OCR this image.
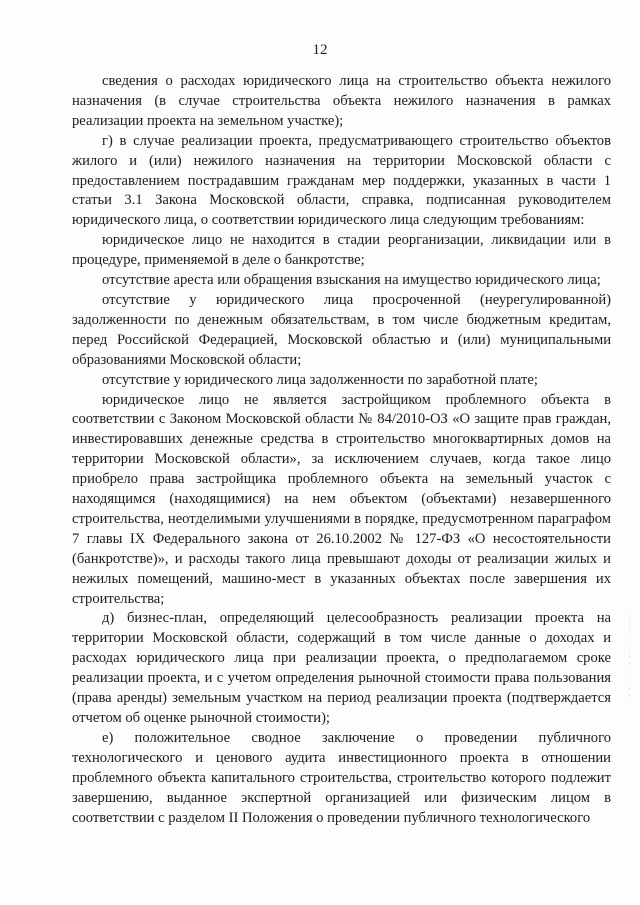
12

сведения о расходах юридического лица на строительство объекта нежилого назначения (в случае строительства объекта нежилого назначения в рамках реализации проекта на земельном участке);

г) в случае реализации проекта, предусматривающего строительство объектов жилого и (или) нежилого назначения на территории Московской области с предоставлением пострадавшим гражданам мер поддержки, указанных в части 1 статьи 3.1 Закона Московской области, справка, подписанная руководителем юридического лица, о соответствии юридического лица следующим требованиям:

юридическое лицо не находится в стадии реорганизации, ликвидации или в процедуре, применяемой в деле о банкротстве;

отсутствие ареста или обращения взыскания на имущество юридического лица;

отсутствие у юридического лица просроченной (неурегулированной) задолженности по денежным обязательствам, в том числе бюджетным кредитам, перед Российской Федерацией, Московской областью и (или) муниципальными образованиями Московской области;

отсутствие у юридического лица задолженности по заработной плате;

юридическое лицо не является застройщиком проблемного объекта в соответствии с Законом Московской области № 84/2010-ОЗ «О защите прав граждан, инвестировавших денежные средства в строительство многоквартирных домов на территории Московской области», за исключением случаев, когда такое лицо приобрело права застройщика проблемного объекта на земельный участок с находящимся (находящимися) на нем объектом (объектами) незавершенного строительства, неотделимыми улучшениями в порядке, предусмотренном параграфом 7 главы IX Федерального закона от 26.10.2002 № 127-ФЗ «О несостоятельности (банкротстве)», и расходы такого лица превышают доходы от реализации жилых и нежилых помещений, машино-мест в указанных объектах после завершения их строительства;

д) бизнес-план, определяющий целесообразность реализации проекта на территории Московской области, содержащий в том числе данные о доходах и расходах юридического лица при реализации проекта, о предполагаемом сроке реализации проекта, и с учетом определения рыночной стоимости права пользования (права аренды) земельным участком на период реализации проекта (подтверждается отчетом об оценке рыночной стоимости);

е) положительное сводное заключение о проведении публичного технологического и ценового аудита инвестиционного проекта в отношении проблемного объекта капитального строительства, строительство которого подлежит завершению, выданное экспертной организацией или физическим лицом в соответствии с разделом II Положения о проведении публичного технологического

· · · · · · · · · · · · · · ·
